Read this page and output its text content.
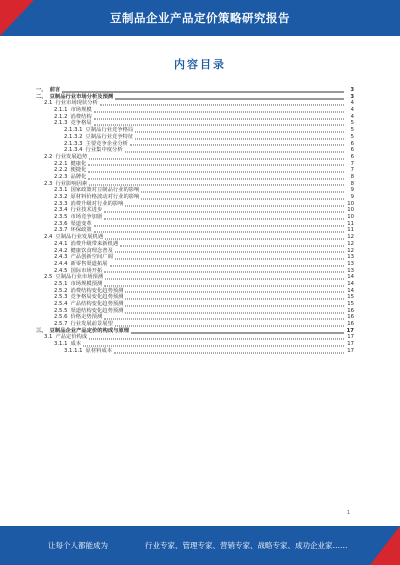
豆制品企业产品定价策略研究报告
内容目录
一、 前言	3
二、 豆制品行业市场分析及预测	3
2.1 行业市场现状分析	4
2.1.1 市场规模	4
2.1.2 消费结构	4
2.1.3 竞争格局	5
2.1.3.1 豆制品行业竞争格局	5
2.1.3.2 豆制品行业竞争特征	5
2.1.3.3 主要竞争企业分析	6
2.1.3.4 行业集中度分析	6
2.2 行业发展趋势	6
2.2.1 健康化	7
2.2.2 便捷化	7
2.2.3 品牌化	8
2.3 行业影响因素	8
2.3.1 国家政策对豆制品行业的影响	9
2.3.2 原材料价格波动对行业的影响	9
2.3.3 消费升级对行业的影响	10
2.3.4 行业技术进步	10
2.3.5 市场竞争加剧	10
2.3.6 渠道变革	11
2.3.7 环保政策	11
2.4 豆制品行业发展机遇	12
2.4.1 消费升级带来新机遇	12
2.4.2 健康饮食理念普及	12
2.4.3 产品创新空间广阔	13
2.4.4 新零售渠道拓展	13
2.4.5 国际市场开拓	13
2.5 豆制品行业市场预测	14
2.5.1 市场规模预测	14
2.5.2 消费结构变化趋势预测	14
2.5.3 竞争格局变化趋势预测	15
2.5.4 产品结构变化趋势预测	15
2.5.5 渠道结构变化趋势预测	16
2.5.6 价格走势预测	16
2.5.7 行业发展前景展望	16
三、 豆制品企业产品定价的构成与原理	17
3.1 产品定价构成	17
3.1.1 成本	17
3.1.1.1 原材料成本	17
1
让每个人都能成为	行业专家、管理专家、营销专家、战略专家、成功企业家……
